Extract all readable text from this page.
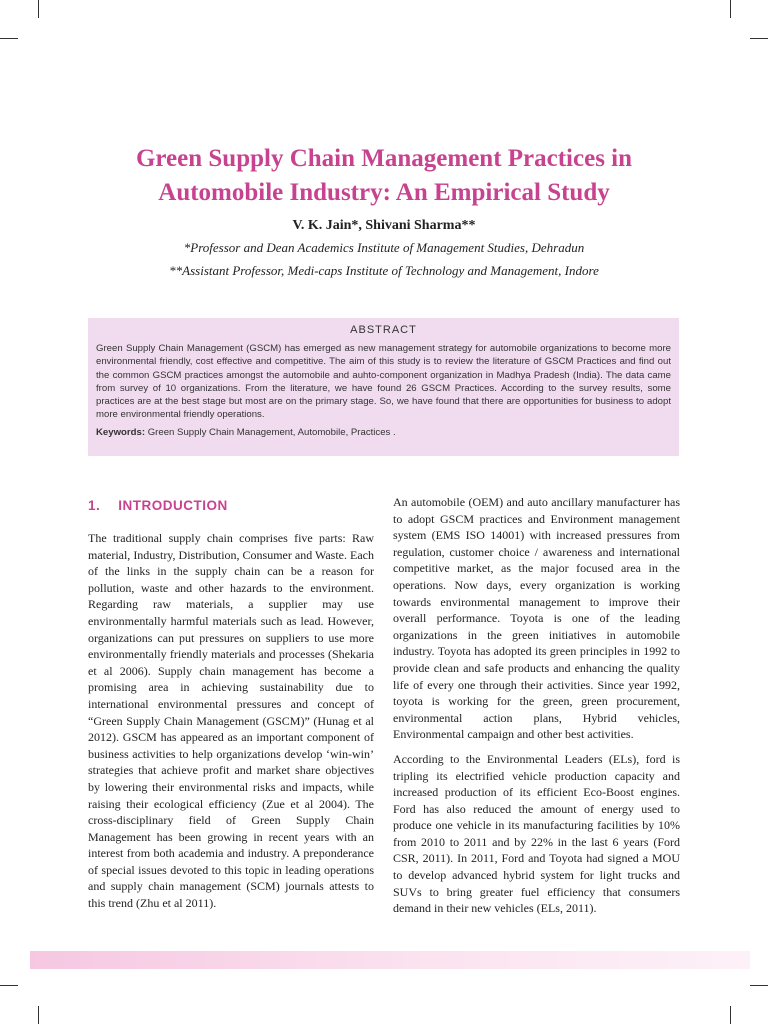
Green Supply Chain Management Practices in
Automobile Industry: An Empirical Study

V. K. Jain*, Shivani Sharma**

*Professor and Dean Academics Institute of Management Studies, Dehradun

**Assistant Professor, Medi-caps Institute of Technology and Management, Indore

ABSTRACT

Green Supply Chain Management (GSCM) has emerged as new management strategy for automobile organizations to become more environmental friendly, cost effective and competitive. The aim of this study is to review the literature of GSCM Practices and find out the common GSCM practices amongst the automobile and auhto-component organization in Madhya Pradesh (India). The data came from survey of 10 organizations. From the literature, we have found 26 GSCM Practices. According to the survey results, some practices are at the best stage but most are on the primary stage. So, we have found that there are opportunities for business to adopt more environmental friendly operations.

Keywords: Green Supply Chain Management, Automobile, Practices .

1. INTRODUCTION

The traditional supply chain comprises five parts: Raw material, Industry, Distribution, Consumer and Waste. Each of the links in the supply chain can be a reason for pollution, waste and other hazards to the environment. Regarding raw materials, a supplier may use environmentally harmful materials such as lead. However, organizations can put pressures on suppliers to use more environmentally friendly materials and processes (Shekaria et al 2006). Supply chain management has become a promising area in achieving sustainability due to international environmental pressures and concept of “Green Supply Chain Management (GSCM)” (Hunag et al 2012). GSCM has appeared as an important component of business activities to help organizations develop ‘win-win’ strategies that achieve profit and market share objectives by lowering their environmental risks and impacts, while raising their ecological efficiency (Zue et al 2004). The cross-disciplinary field of Green Supply Chain Management has been growing in recent years with an interest from both academia and industry. A preponderance of special issues devoted to this topic in leading operations and supply chain management (SCM) journals attests to this trend (Zhu et al 2011).

An automobile (OEM) and auto ancillary manufacturer has to adopt GSCM practices and Environment management system (EMS ISO 14001) with increased pressures from regulation, customer choice / awareness and international competitive market, as the major focused area in the operations. Now days, every organization is working towards environmental management to improve their overall performance. Toyota is one of the leading organizations in the green initiatives in automobile industry. Toyota has adopted its green principles in 1992 to provide clean and safe products and enhancing the quality life of every one through their activities. Since year 1992, toyota is working for the green, green procurement, environmental action plans, Hybrid vehicles, Environmental campaign and other best activities.

According to the Environmental Leaders (ELs), ford is tripling its electrified vehicle production capacity and increased production of its efficient Eco-Boost engines. Ford has also reduced the amount of energy used to produce one vehicle in its manufacturing facilities by 10% from 2010 to 2011 and by 22% in the last 6 years (Ford CSR, 2011). In 2011, Ford and Toyota had signed a MOU to develop advanced hybrid system for light trucks and SUVs to bring greater fuel efficiency that consumers demand in their new vehicles (ELs, 2011).
